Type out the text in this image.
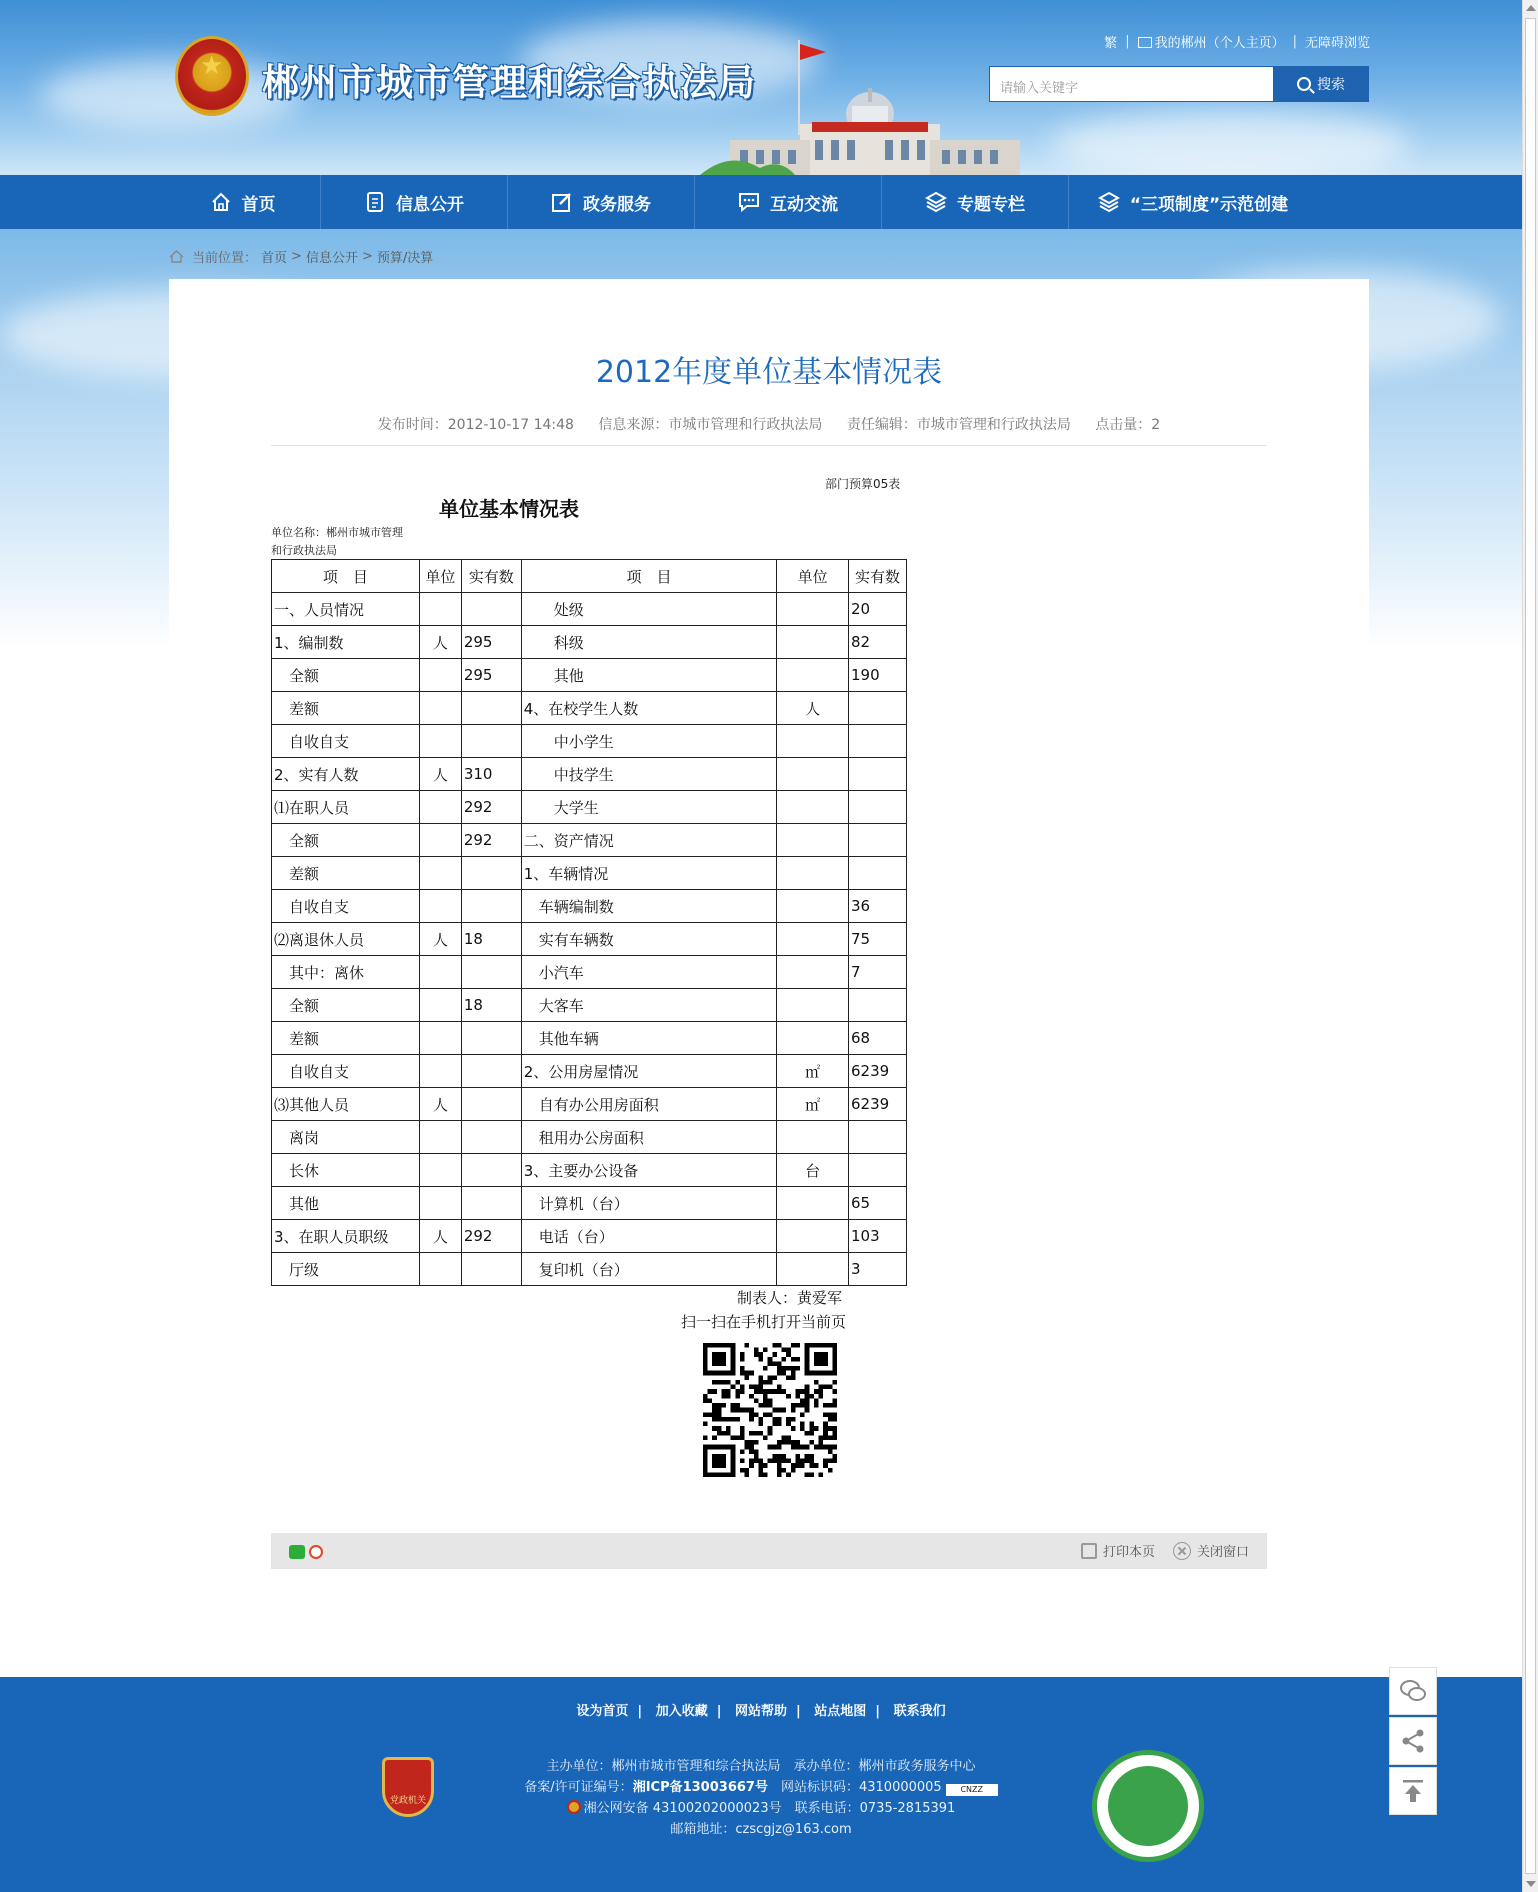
★ 郴州市城市管理和综合执法局
繁 |	我的郴州（个人主页） | 无障碍浏览
请输入关键字	搜索
首页	信息公开	政务服务	互动交流	专题专栏	“三项制度”示范创建
当前位置： 首页 > 信息公开 > 预算/决算
2012年度单位基本情况表
发布时间：2012-10-17 14:48 信息来源：市城市管理和行政执法局 责任编辑：市城市管理和行政执法局 点击量：2
部门预算05表
单位基本情况表
单位名称：郴州市城市管理
和行政执法局
项　目	单位	实有数	项　目	单位	实有数
一、人员情况			　　处级		20
1、编制数	人	295	　　科级		82
　全额		295	　　其他		190
　差额			4、在校学生人数	人	
　自收自支			　　中小学生		
2、实有人数	人	310	　　中技学生		
⑴在职人员		292	　　大学生		
　全额		292	二、资产情况		
　差额			1、车辆情况		
　自收自支			　车辆编制数		36
⑵离退休人员	人	18	　实有车辆数		75
　其中：离休			　小汽车		7
　全额		18	　大客车		
　差额			　其他车辆		68
　自收自支			2、公用房屋情况	㎡	6239
⑶其他人员	人		　自有办公用房面积	㎡	6239
　离岗			　租用办公房面积		
　长休			3、主要办公设备	台	
　其他			　计算机（台）		65
3、在职人员职级	人	292	　电话（台）		103
　厅级			　复印机（台）		3
制表人：黄爱军
扫一扫在手机打开当前页
打印本页	关闭窗口
设为首页 | 加入收藏 | 网站帮助 | 站点地图 | 联系我们
党政机关
主办单位：郴州市城市管理和综合执法局　承办单位：郴州市政务服务中心
备案/许可证编号：湘ICP备13003667号　 网站标识码：4310000005 CNZZ
湘公网安备 43100202000023号　 联系电话：0735-2815391
邮箱地址：czscgjz@163.com
